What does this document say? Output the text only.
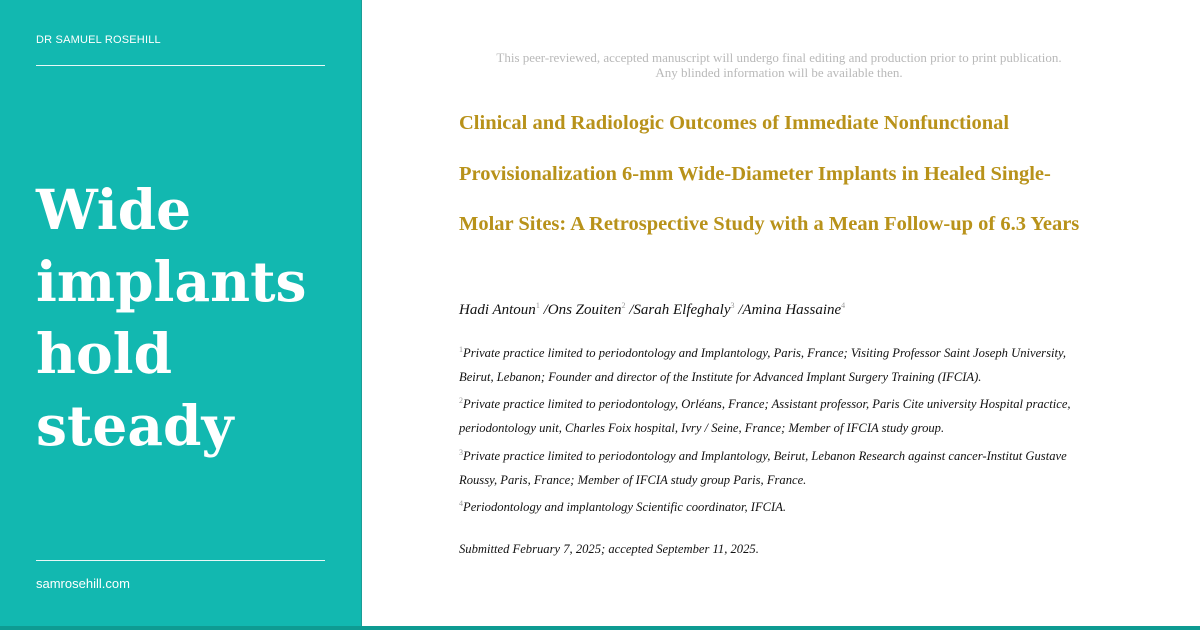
DR SAMUEL ROSEHILL

Wide
implants
hold
steady
samrosehill.com

This peer-reviewed, accepted manuscript will undergo final editing and production prior to print publication.
Any blinded information will be available then.

Clinical and Radiologic Outcomes of Immediate Nonfunctional Provisionalization 6-mm Wide-Diameter Implants in Healed Single-Molar Sites: A Retrospective Study with a Mean Follow-up of 6.3 Years

Hadi Antoun$^1$ /Ons Zouiten$^2$ /Sarah Elfeghaly$^3$ /Amina Hassaine$^4$

$^1$Private practice limited to periodontology and Implantology, Paris, France; Visiting Professor Saint Joseph University, Beirut, Lebanon; Founder and director of the Institute for Advanced Implant Surgery Training (IFCIA).

$^2$Private practice limited to periodontology, Orléans, France; Assistant professor, Paris Cite university Hospital practice, periodontology unit, Charles Foix hospital, Ivry / Seine, France; Member of IFCIA study group.

$^3$Private practice limited to periodontology and Implantology, Beirut, Lebanon Research against cancer-Institut Gustave Roussy, Paris, France; Member of IFCIA study group Paris, France.

$^4$Periodontology and implantology Scientific coordinator, IFCIA.

Submitted February 7, 2025; accepted September 11, 2025.
